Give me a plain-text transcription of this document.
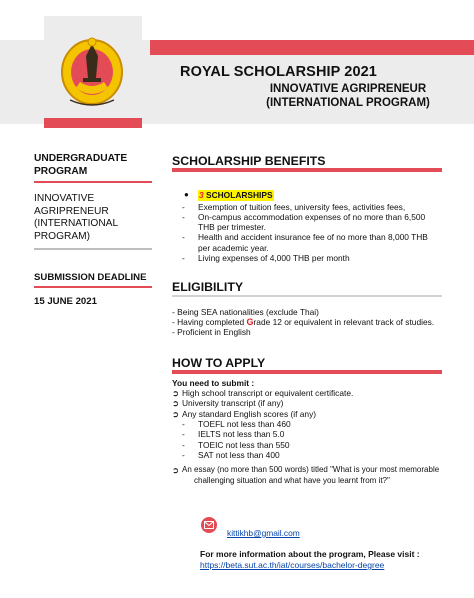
ROYAL SCHOLARSHIP 2021
INNOVATIVE AGRIPRENEUR
(INTERNATIONAL PROGRAM)
UNDERGRADUATE
PROGRAM
INNOVATIVE
AGRIPRENEUR
(INTERNATIONAL
PROGRAM)
SUBMISSION DEADLINE
15 JUNE 2021
SCHOLARSHIP BENEFITS
●	3 SCHOLARSHIPS
-	Exemption of tuition fees, university fees, activities fees,
-	On-campus accommodation expenses of no more than 6,500 THB per trimester.
-	Health and accident insurance fee of no more than 8,000 THB per academic year.
-	Living expenses of 4,000 THB per month
ELIGIBILITY
- Being SEA nationalities (exclude Thai)
- Having completed Grade 12 or equivalent in relevant track of studies.
- Proficient in English
HOW TO APPLY
You need to submit :
➲ High school transcript or equivalent certificate.
➲ University transcript (if any)
➲ Any standard English scores (if any)
-	TOEFL not less than 460
-	IELTS not less than 5.0
-	TOEIC not less than 550
-	SAT not less than 400
➲ An essay (no more than 500 words) titled "What is your most memorable
challenging situation and what have you learnt from it?"
kittikhb@gmail.com
For more information about the program, Please visit :
https://beta.sut.ac.th/iat/courses/bachelor-degree
